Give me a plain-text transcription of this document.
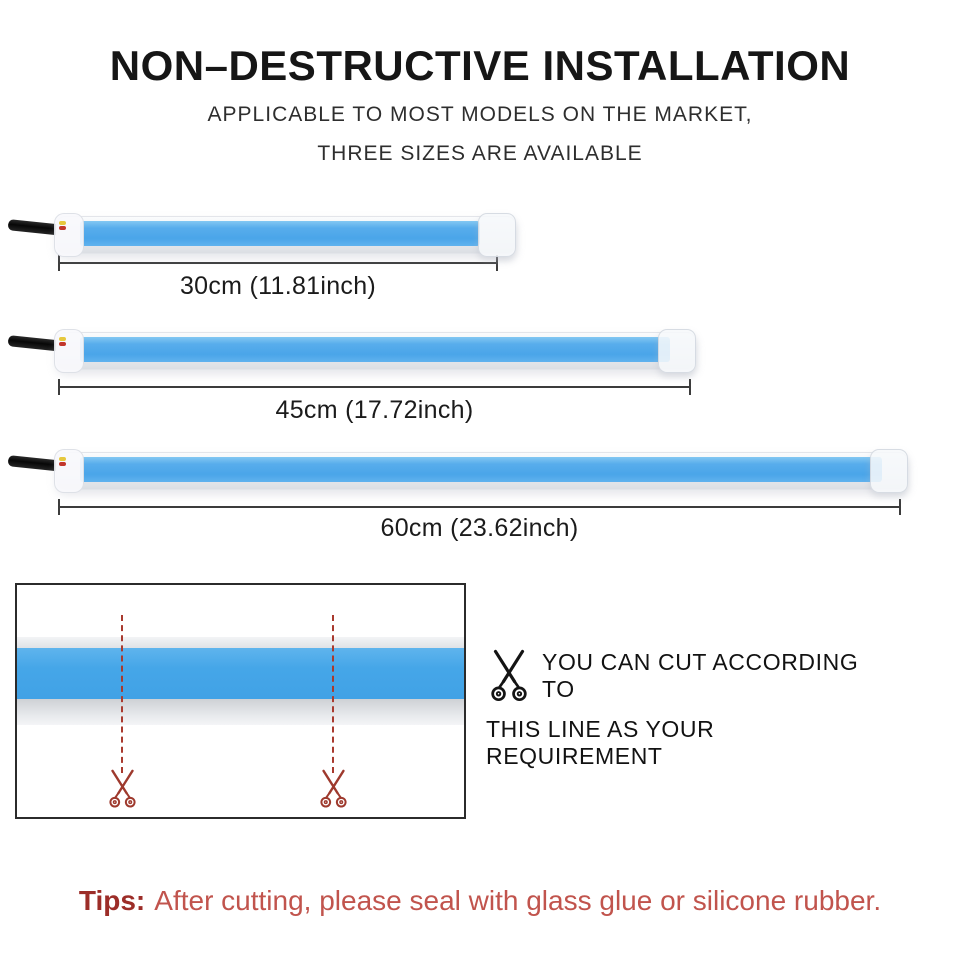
NON–DESTRUCTIVE INSTALLATION
APPLICABLE TO MOST MODELS ON THE MARKET,
THREE SIZES ARE AVAILABLE
30cm (11.81inch)
45cm (17.72inch)
60cm (23.62inch)
YOU CAN CUT ACCORDING TO
THIS LINE AS YOUR REQUIREMENT
Tips: After cutting, please seal with glass glue or silicone rubber.
